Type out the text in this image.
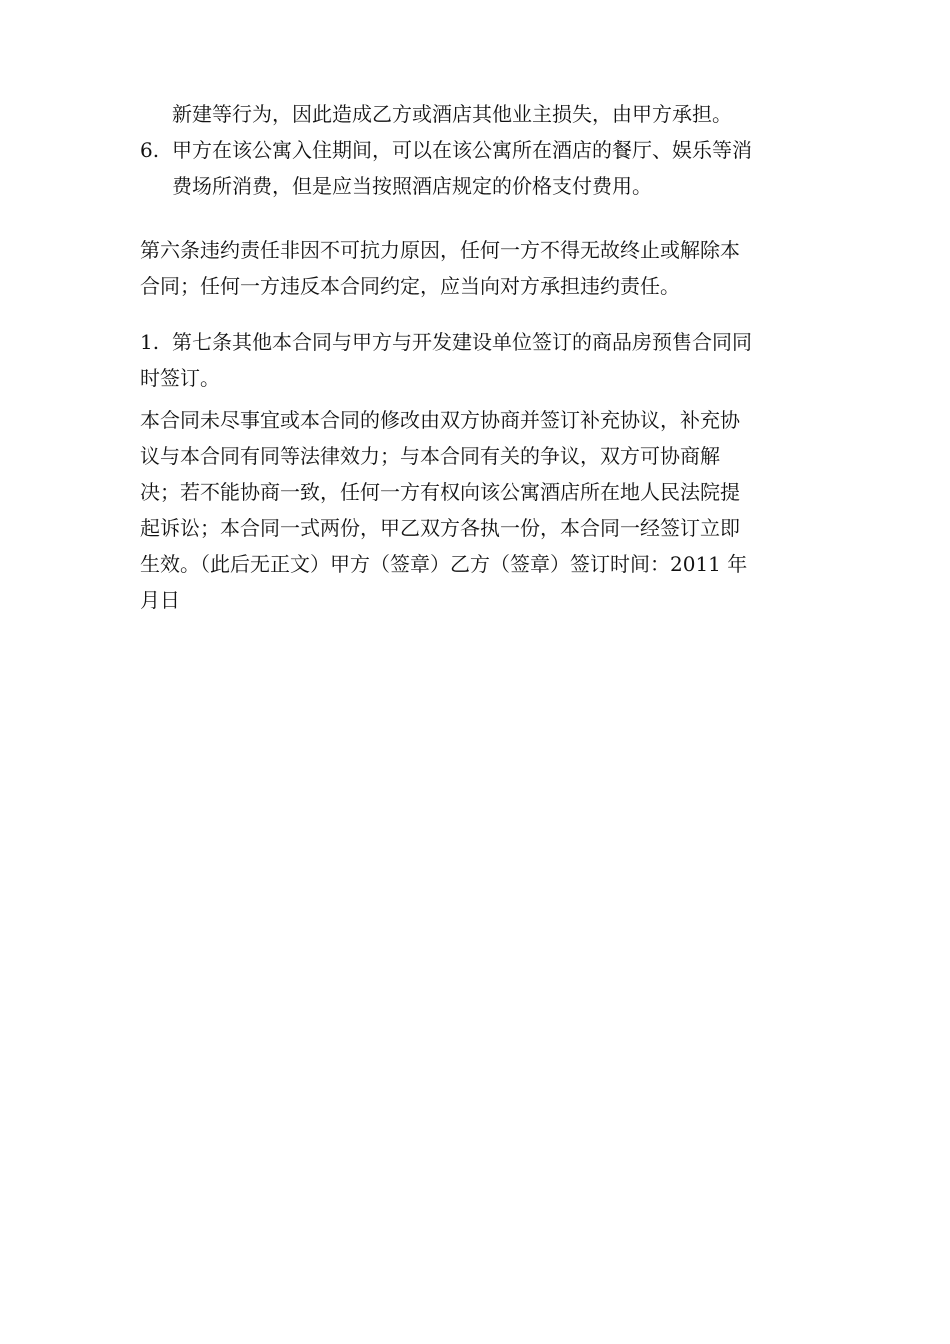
新建等行为，因此造成乙方或酒店其他业主损失，由甲方承担。
6. 甲方在该公寓入住期间，可以在该公寓所在酒店的餐厅、娱乐等消
费场所消费，但是应当按照酒店规定的价格支付费用。
第六条违约责任非因不可抗力原因，任何一方不得无故终止或解除本
合同；任何一方违反本合同约定，应当向对方承担违约责任。
1. 第七条其他本合同与甲方与开发建设单位签订的商品房预售合同同
时签订。
本合同未尽事宜或本合同的修改由双方协商并签订补充协议，补充协
议与本合同有同等法律效力；与本合同有关的争议，双方可协商解
决；若不能协商一致，任何一方有权向该公寓酒店所在地人民法院提
起诉讼；本合同一式两份，甲乙双方各执一份，本合同一经签订立即
生效。（此后无正文）甲方（签章）乙方（签章）签订时间：2011 年
月日
